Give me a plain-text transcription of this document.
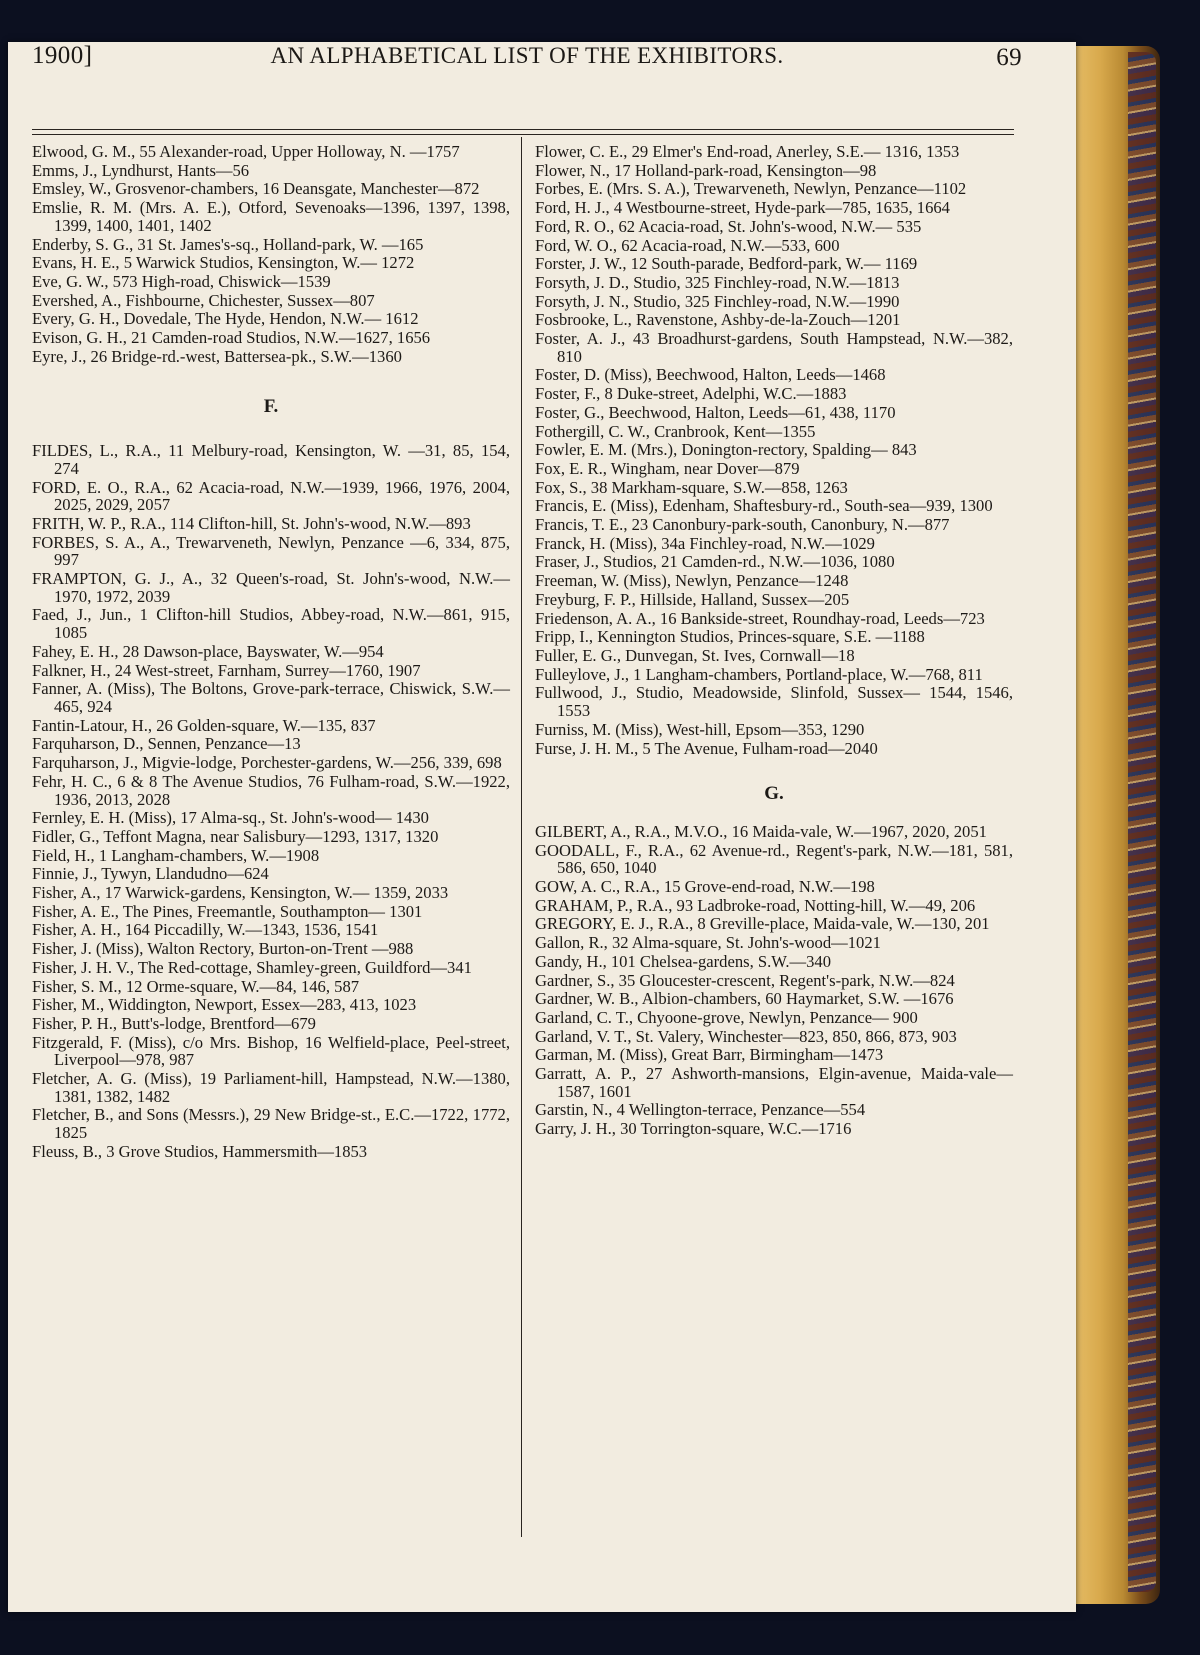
1900]	AN ALPHABETICAL LIST OF THE EXHIBITORS.	69

Elwood, G. M., 55 Alexander-road, Upper Holloway, N. —1757

Emms, J., Lyndhurst, Hants—56

Emsley, W., Grosvenor-chambers, 16 Deansgate, Manchester—872

Emslie, R. M. (Mrs. A. E.), Otford, Sevenoaks—1396, 1397, 1398, 1399, 1400, 1401, 1402

Enderby, S. G., 31 St. James's-sq., Holland-park, W. —165

Evans, H. E., 5 Warwick Studios, Kensington, W.— 1272

Eve, G. W., 573 High-road, Chiswick—1539

Evershed, A., Fishbourne, Chichester, Sussex—807

Every, G. H., Dovedale, The Hyde, Hendon, N.W.— 1612

Evison, G. H., 21 Camden-road Studios, N.W.—1627, 1656

Eyre, J., 26 Bridge-rd.-west, Battersea-pk., S.W.—1360

F.

FILDES, L., R.A., 11 Melbury-road, Kensington, W. —31, 85, 154, 274

FORD, E. O., R.A., 62 Acacia-road, N.W.—1939, 1966, 1976, 2004, 2025, 2029, 2057

FRITH, W. P., R.A., 114 Clifton-hill, St. John's-wood, N.W.—893

FORBES, S. A., A., Trewarveneth, Newlyn, Penzance —6, 334, 875, 997

FRAMPTON, G. J., A., 32 Queen's-road, St. John's-wood, N.W.—1970, 1972, 2039

Faed, J., Jun., 1 Clifton-hill Studios, Abbey-road, N.W.—861, 915, 1085

Fahey, E. H., 28 Dawson-place, Bayswater, W.—954

Falkner, H., 24 West-street, Farnham, Surrey—1760, 1907

Fanner, A. (Miss), The Boltons, Grove-park-terrace, Chiswick, S.W.—465, 924

Fantin-Latour, H., 26 Golden-square, W.—135, 837

Farquharson, D., Sennen, Penzance—13

Farquharson, J., Migvie-lodge, Porchester-gardens, W.—256, 339, 698

Fehr, H. C., 6 & 8 The Avenue Studios, 76 Fulham-road, S.W.—1922, 1936, 2013, 2028

Fernley, E. H. (Miss), 17 Alma-sq., St. John's-wood— 1430

Fidler, G., Teffont Magna, near Salisbury—1293, 1317, 1320

Field, H., 1 Langham-chambers, W.—1908

Finnie, J., Tywyn, Llandudno—624

Fisher, A., 17 Warwick-gardens, Kensington, W.— 1359, 2033

Fisher, A. E., The Pines, Freemantle, Southampton— 1301

Fisher, A. H., 164 Piccadilly, W.—1343, 1536, 1541

Fisher, J. (Miss), Walton Rectory, Burton-on-Trent —988

Fisher, J. H. V., The Red-cottage, Shamley-green, Guildford—341

Fisher, S. M., 12 Orme-square, W.—84, 146, 587

Fisher, M., Widdington, Newport, Essex—283, 413, 1023

Fisher, P. H., Butt's-lodge, Brentford—679

Fitzgerald, F. (Miss), c/o Mrs. Bishop, 16 Welfield-place, Peel-street, Liverpool—978, 987

Fletcher, A. G. (Miss), 19 Parliament-hill, Hampstead, N.W.—1380, 1381, 1382, 1482

Fletcher, B., and Sons (Messrs.), 29 New Bridge-st., E.C.—1722, 1772, 1825

Fleuss, B., 3 Grove Studios, Hammersmith—1853

Flower, C. E., 29 Elmer's End-road, Anerley, S.E.— 1316, 1353

Flower, N., 17 Holland-park-road, Kensington—98

Forbes, E. (Mrs. S. A.), Trewarveneth, Newlyn, Penzance—1102

Ford, H. J., 4 Westbourne-street, Hyde-park—785, 1635, 1664

Ford, R. O., 62 Acacia-road, St. John's-wood, N.W.— 535

Ford, W. O., 62 Acacia-road, N.W.—533, 600

Forster, J. W., 12 South-parade, Bedford-park, W.— 1169

Forsyth, J. D., Studio, 325 Finchley-road, N.W.—1813

Forsyth, J. N., Studio, 325 Finchley-road, N.W.—1990

Fosbrooke, L., Ravenstone, Ashby-de-la-Zouch—1201

Foster, A. J., 43 Broadhurst-gardens, South Hampstead, N.W.—382, 810

Foster, D. (Miss), Beechwood, Halton, Leeds—1468

Foster, F., 8 Duke-street, Adelphi, W.C.—1883

Foster, G., Beechwood, Halton, Leeds—61, 438, 1170

Fothergill, C. W., Cranbrook, Kent—1355

Fowler, E. M. (Mrs.), Donington-rectory, Spalding— 843

Fox, E. R., Wingham, near Dover—879

Fox, S., 38 Markham-square, S.W.—858, 1263

Francis, E. (Miss), Edenham, Shaftesbury-rd., South-sea—939, 1300

Francis, T. E., 23 Canonbury-park-south, Canonbury, N.—877

Franck, H. (Miss), 34a Finchley-road, N.W.—1029

Fraser, J., Studios, 21 Camden-rd., N.W.—1036, 1080

Freeman, W. (Miss), Newlyn, Penzance—1248

Freyburg, F. P., Hillside, Halland, Sussex—205

Friedenson, A. A., 16 Bankside-street, Roundhay-road, Leeds—723

Fripp, I., Kennington Studios, Princes-square, S.E. —1188

Fuller, E. G., Dunvegan, St. Ives, Cornwall—18

Fulleylove, J., 1 Langham-chambers, Portland-place, W.—768, 811

Fullwood, J., Studio, Meadowside, Slinfold, Sussex— 1544, 1546, 1553

Furniss, M. (Miss), West-hill, Epsom—353, 1290

Furse, J. H. M., 5 The Avenue, Fulham-road—2040

G.

GILBERT, A., R.A., M.V.O., 16 Maida-vale, W.—1967, 2020, 2051

GOODALL, F., R.A., 62 Avenue-rd., Regent's-park, N.W.—181, 581, 586, 650, 1040

GOW, A. C., R.A., 15 Grove-end-road, N.W.—198

GRAHAM, P., R.A., 93 Ladbroke-road, Notting-hill, W.—49, 206

GREGORY, E. J., R.A., 8 Greville-place, Maida-vale, W.—130, 201

Gallon, R., 32 Alma-square, St. John's-wood—1021

Gandy, H., 101 Chelsea-gardens, S.W.—340

Gardner, S., 35 Gloucester-crescent, Regent's-park, N.W.—824

Gardner, W. B., Albion-chambers, 60 Haymarket, S.W. —1676

Garland, C. T., Chyoone-grove, Newlyn, Penzance— 900

Garland, V. T., St. Valery, Winchester—823, 850, 866, 873, 903

Garman, M. (Miss), Great Barr, Birmingham—1473

Garratt, A. P., 27 Ashworth-mansions, Elgin-avenue, Maida-vale—1587, 1601

Garstin, N., 4 Wellington-terrace, Penzance—554

Garry, J. H., 30 Torrington-square, W.C.—1716
